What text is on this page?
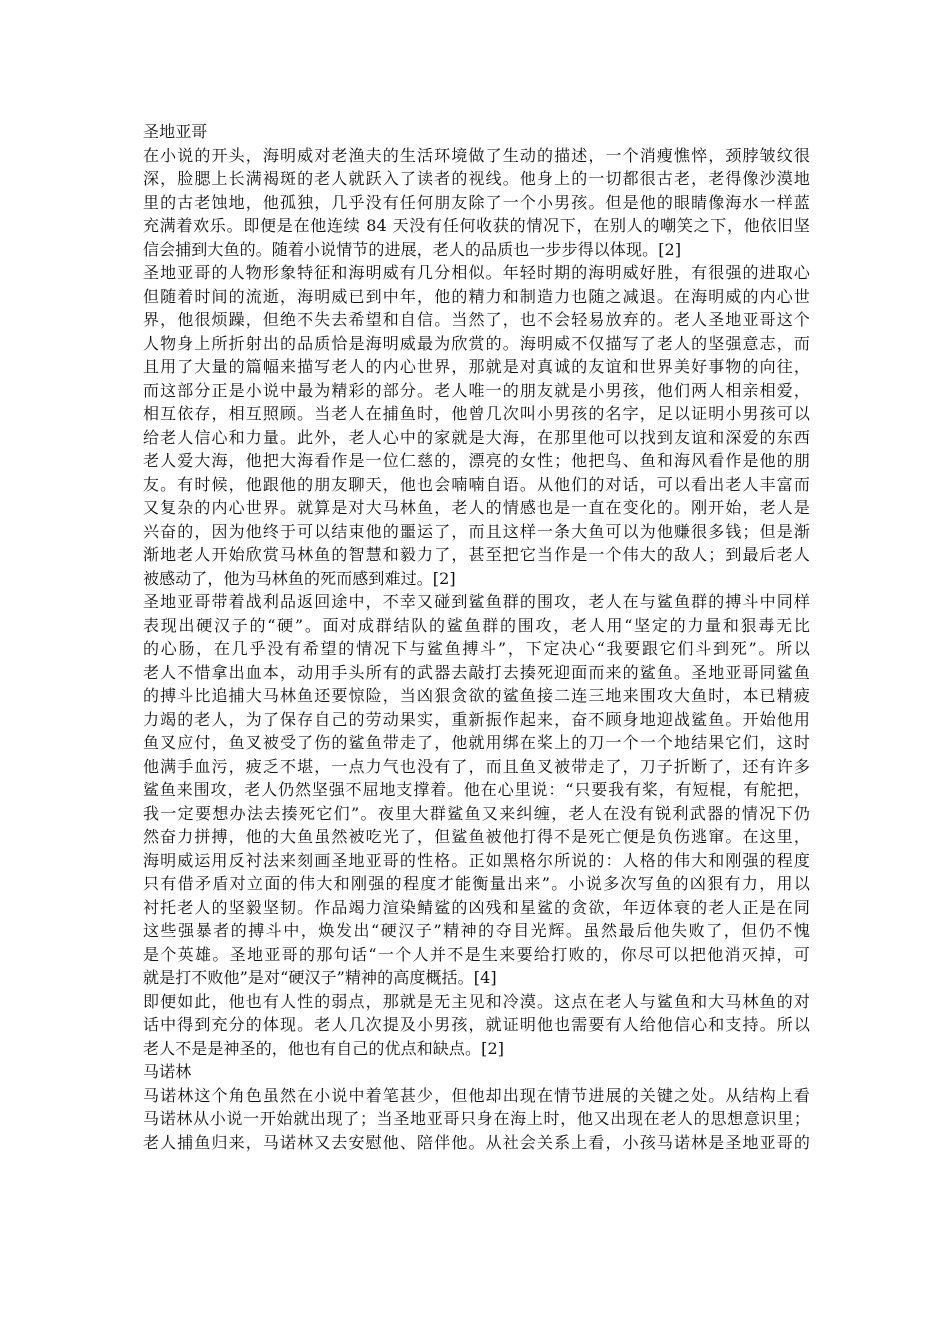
圣地亚哥
在小说的开头，海明威对老渔夫的生活环境做了生动的描述，一个消瘦憔悴，颈脖皱纹很
深，脸腮上长满褐斑的老人就跃入了读者的视线。他身上的一切都很古老，老得像沙漠地
里的古老蚀地，他孤独，几乎没有任何朋友除了一个小男孩。但是他的眼睛像海水一样蓝
充满着欢乐。即便是在他连续 84 天没有任何收获的情况下，在别人的嘲笑之下，他依旧坚
信会捕到大鱼的。随着小说情节的进展，老人的品质也一步步得以体现。[2]
圣地亚哥的人物形象特征和海明威有几分相似。年轻时期的海明威好胜，有很强的进取心
但随着时间的流逝，海明威已到中年，他的精力和制造力也随之减退。在海明威的内心世
界，他很烦躁，但绝不失去希望和自信。当然了，也不会轻易放弃的。老人圣地亚哥这个
人物身上所折射出的品质恰是海明威最为欣赏的。海明威不仅描写了老人的坚强意志，而
且用了大量的篇幅来描写老人的内心世界，那就是对真诚的友谊和世界美好事物的向往，
而这部分正是小说中最为精彩的部分。老人唯一的朋友就是小男孩，他们两人相亲相爱，
相互依存，相互照顾。当老人在捕鱼时，他曾几次叫小男孩的名字，足以证明小男孩可以
给老人信心和力量。此外，老人心中的家就是大海，在那里他可以找到友谊和深爱的东西
老人爱大海，他把大海看作是一位仁慈的，漂亮的女性；他把鸟、鱼和海风看作是他的朋
友。有时候，他跟他的朋友聊天，他也会喃喃自语。从他们的对话，可以看出老人丰富而
又复杂的内心世界。就算是对大马林鱼，老人的情感也是一直在变化的。刚开始，老人是
兴奋的，因为他终于可以结束他的噩运了，而且这样一条大鱼可以为他赚很多钱；但是渐
渐地老人开始欣赏马林鱼的智慧和毅力了，甚至把它当作是一个伟大的敌人；到最后老人
被感动了，他为马林鱼的死而感到难过。[2]
圣地亚哥带着战利品返回途中，不幸又碰到鲨鱼群的围攻，老人在与鲨鱼群的搏斗中同样
表现出硬汉子的“硬”。面对成群结队的鲨鱼群的围攻，老人用“坚定的力量和狠毒无比
的心肠，在几乎没有希望的情况下与鲨鱼搏斗”，下定决心“我要跟它们斗到死”。所以
老人不惜拿出血本，动用手头所有的武器去敲打去揍死迎面而来的鲨鱼。圣地亚哥同鲨鱼
的搏斗比追捕大马林鱼还要惊险，当凶狠贪欲的鲨鱼接二连三地来围攻大鱼时，本已精疲
力竭的老人，为了保存自己的劳动果实，重新振作起来，奋不顾身地迎战鲨鱼。开始他用
鱼叉应付，鱼叉被受了伤的鲨鱼带走了，他就用绑在桨上的刀一个一个地结果它们，这时
他满手血污，疲乏不堪，一点力气也没有了，而且鱼叉被带走了，刀子折断了，还有许多
鲨鱼来围攻，老人仍然坚强不屈地支撑着。他在心里说：“只要我有桨，有短棍，有舵把，
我一定要想办法去揍死它们”。夜里大群鲨鱼又来纠缠，老人在没有锐利武器的情况下仍
然奋力拼搏，他的大鱼虽然被吃光了，但鲨鱼被他打得不是死亡便是负伤逃窜。在这里，
海明威运用反衬法来刻画圣地亚哥的性格。正如黑格尔所说的：人格的伟大和刚强的程度
只有借矛盾对立面的伟大和刚强的程度才能衡量出来”。小说多次写鱼的凶狠有力，用以
衬托老人的坚毅坚韧。作品竭力渲染鲭鲨的凶残和星鲨的贪欲，年迈体衰的老人正是在同
这些强暴者的搏斗中，焕发出“硬汉子”精神的夺目光辉。虽然最后他失败了，但仍不愧
是个英雄。圣地亚哥的那句话“一个人并不是生来要给打败的，你尽可以把他消灭掉，可
就是打不败他”是对“硬汉子”精神的高度概括。[4]
即便如此，他也有人性的弱点，那就是无主见和冷漠。这点在老人与鲨鱼和大马林鱼的对
话中得到充分的体现。老人几次提及小男孩，就证明他也需要有人给他信心和支持。所以
老人不是是神圣的，他也有自己的优点和缺点。[2]
马诺林
马诺林这个角色虽然在小说中着笔甚少，但他却出现在情节进展的关键之处。从结构上看
马诺林从小说一开始就出现了；当圣地亚哥只身在海上时，他又出现在老人的思想意识里；
老人捕鱼归来，马诺林又去安慰他、陪伴他。从社会关系上看，小孩马诺林是圣地亚哥的
